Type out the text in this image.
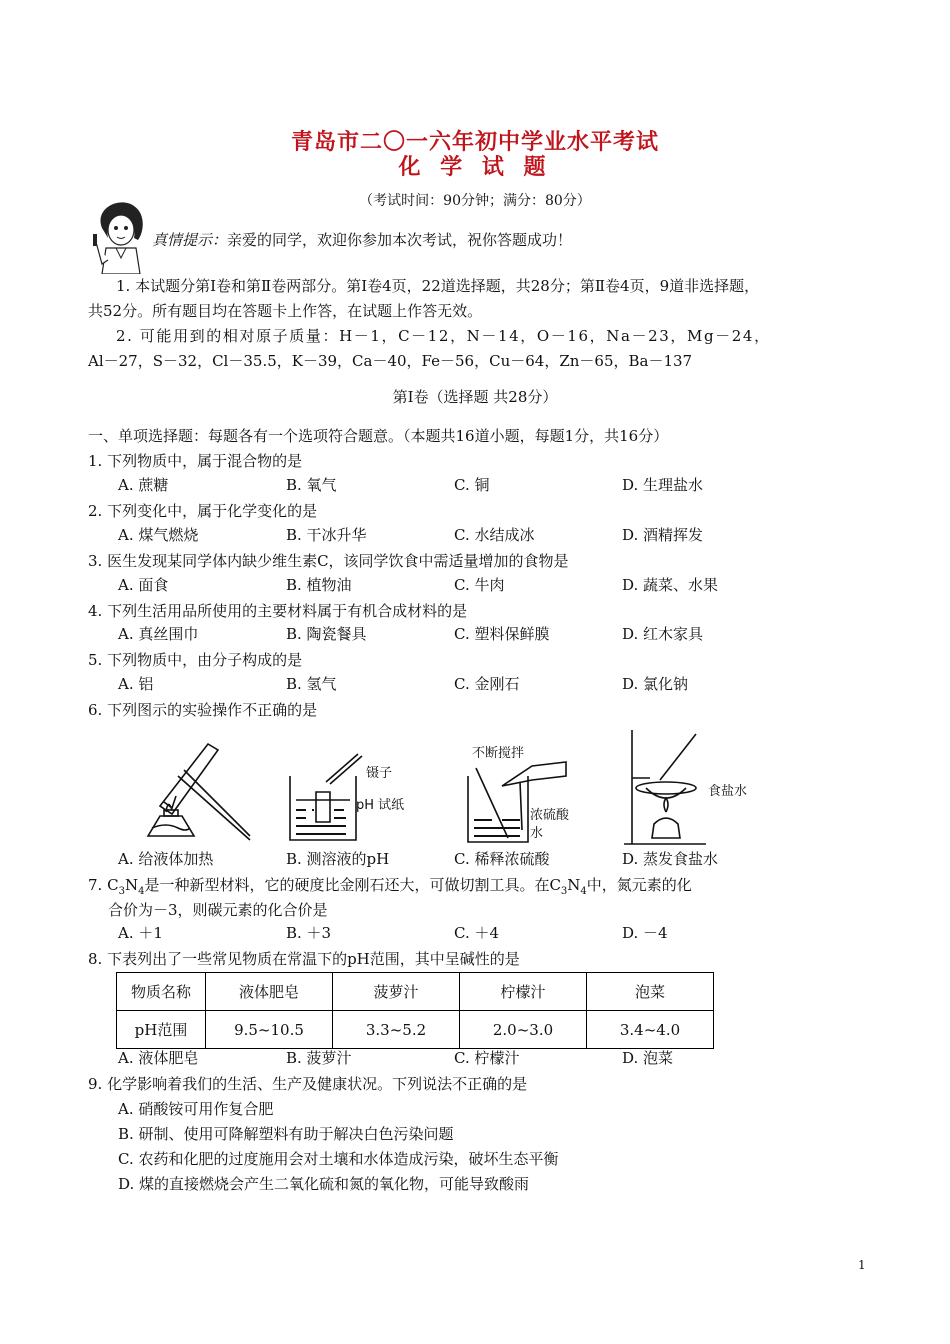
青岛市二〇一六年初中学业水平考试
化 学 试 题
（考试时间：90分钟；满分：80分）
真情提示：亲爱的同学，欢迎你参加本次考试，祝你答题成功！
1. 本试题分第Ⅰ卷和第Ⅱ卷两部分。第Ⅰ卷4页，22道选择题，共28分；第Ⅱ卷4页，9道非选择题，
共52分。所有题目均在答题卡上作答，在试题上作答无效。
2. 可能用到的相对原子质量：H－1，C－12，N－14，O－16，Na－23，Mg－24，
Al－27，S－32，Cl－35.5，K－39，Ca－40，Fe－56，Cu－64，Zn－65，Ba－137
第Ⅰ卷（选择题 共28分）
一、单项选择题：每题各有一个选项符合题意。（本题共16道小题，每题1分，共16分）
1. 下列物质中，属于混合物的是
A. 蔗糖	B. 氧气	C. 铜	D. 生理盐水
2. 下列变化中，属于化学变化的是
A. 煤气燃烧	B. 干冰升华	C. 水结成冰	D. 酒精挥发
3. 医生发现某同学体内缺少维生素C，该同学饮食中需适量增加的食物是
A. 面食	B. 植物油	C. 牛肉	D. 蔬菜、水果
4. 下列生活用品所使用的主要材料属于有机合成材料的是
A. 真丝围巾	B. 陶瓷餐具	C. 塑料保鲜膜	D. 红木家具
5. 下列物质中，由分子构成的是
A. 铝	B. 氢气	C. 金刚石	D. 氯化钠
6. 下列图示的实验操作不正确的是
镊子
pH 试纸
不断搅拌
浓硫酸
水
食盐水
A. 给液体加热	B. 测溶液的pH	C. 稀释浓硫酸	D. 蒸发食盐水
7. $C_3N_4$是一种新型材料，它的硬度比金刚石还大，可做切割工具。在$C_3N_4$中，氮元素的化
合价为－3，则碳元素的化合价是
A. ＋1	B. ＋3	C. ＋4	D. －4
8. 下表列出了一些常见物质在常温下的pH范围，其中呈碱性的是
物质名称	液体肥皂	菠萝汁	柠檬汁	泡菜
pH范围	9.5~10.5	3.3~5.2	2.0~3.0	3.4~4.0
A. 液体肥皂	B. 菠萝汁	C. 柠檬汁	D. 泡菜
9. 化学影响着我们的生活、生产及健康状况。下列说法不正确的是
A. 硝酸铵可用作复合肥
B. 研制、使用可降解塑料有助于解决白色污染问题
C. 农药和化肥的过度施用会对土壤和水体造成污染，破坏生态平衡
D. 煤的直接燃烧会产生二氧化硫和氮的氧化物，可能导致酸雨
1
